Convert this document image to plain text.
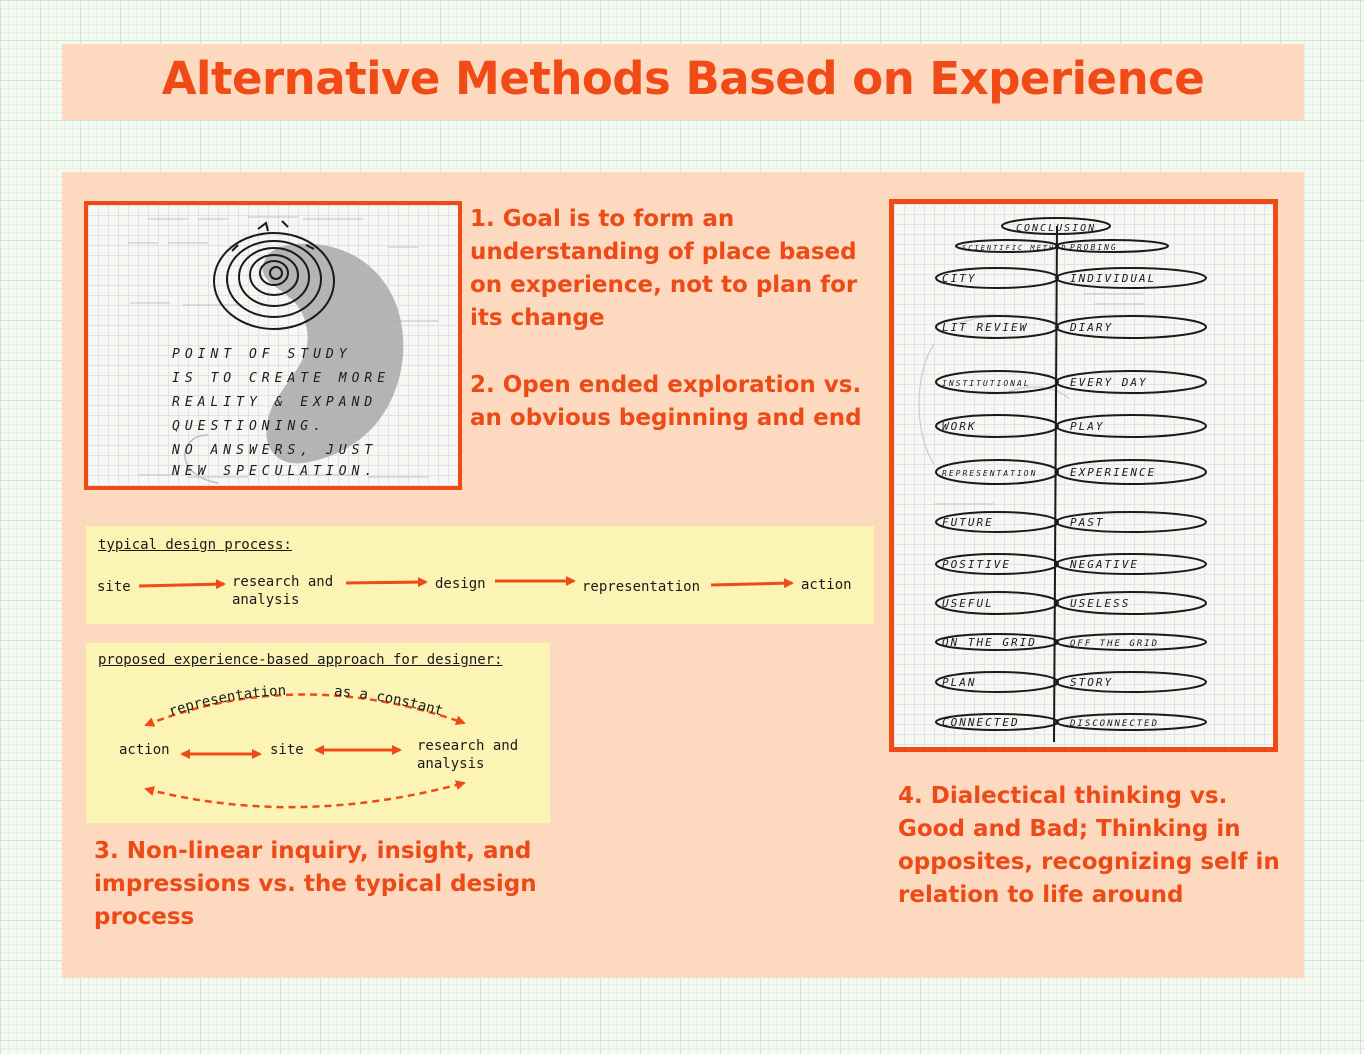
Alternative Methods Based on Experience
POINT OF STUDY
IS TO CREATE MORE
REALITY & EXPAND
QUESTIONING.
NO ANSWERS, JUST
NEW SPECULATION.
1. Goal is to form an
understanding of place based
on experience, not to plan for
its change
2. Open ended exploration vs.
an obvious beginning and end
typical design process:
site	research and
analysis
design	representation	action
proposed experience-based approach for designer:
representation	as a constant
action	site	research and
analysis
3. Non-linear inquiry, insight, and
impressions vs. the typical design
process
CONCLUSION
SCIENTIFIC METHOD PROBING
CITY	INDIVIDUAL
LIT REVIEW	DIARY
INSTITUTIONAL	EVERY DAY
WORK	PLAY
REPRESENTATION	EXPERIENCE
FUTURE	PAST
POSITIVE	NEGATIVE
USEFUL	USELESS
ON THE GRID	OFF THE GRID
PLAN	STORY
CONNECTED	DISCONNECTED
4. Dialectical thinking vs.
Good and Bad; Thinking in
opposites, recognizing self in
relation to life around
